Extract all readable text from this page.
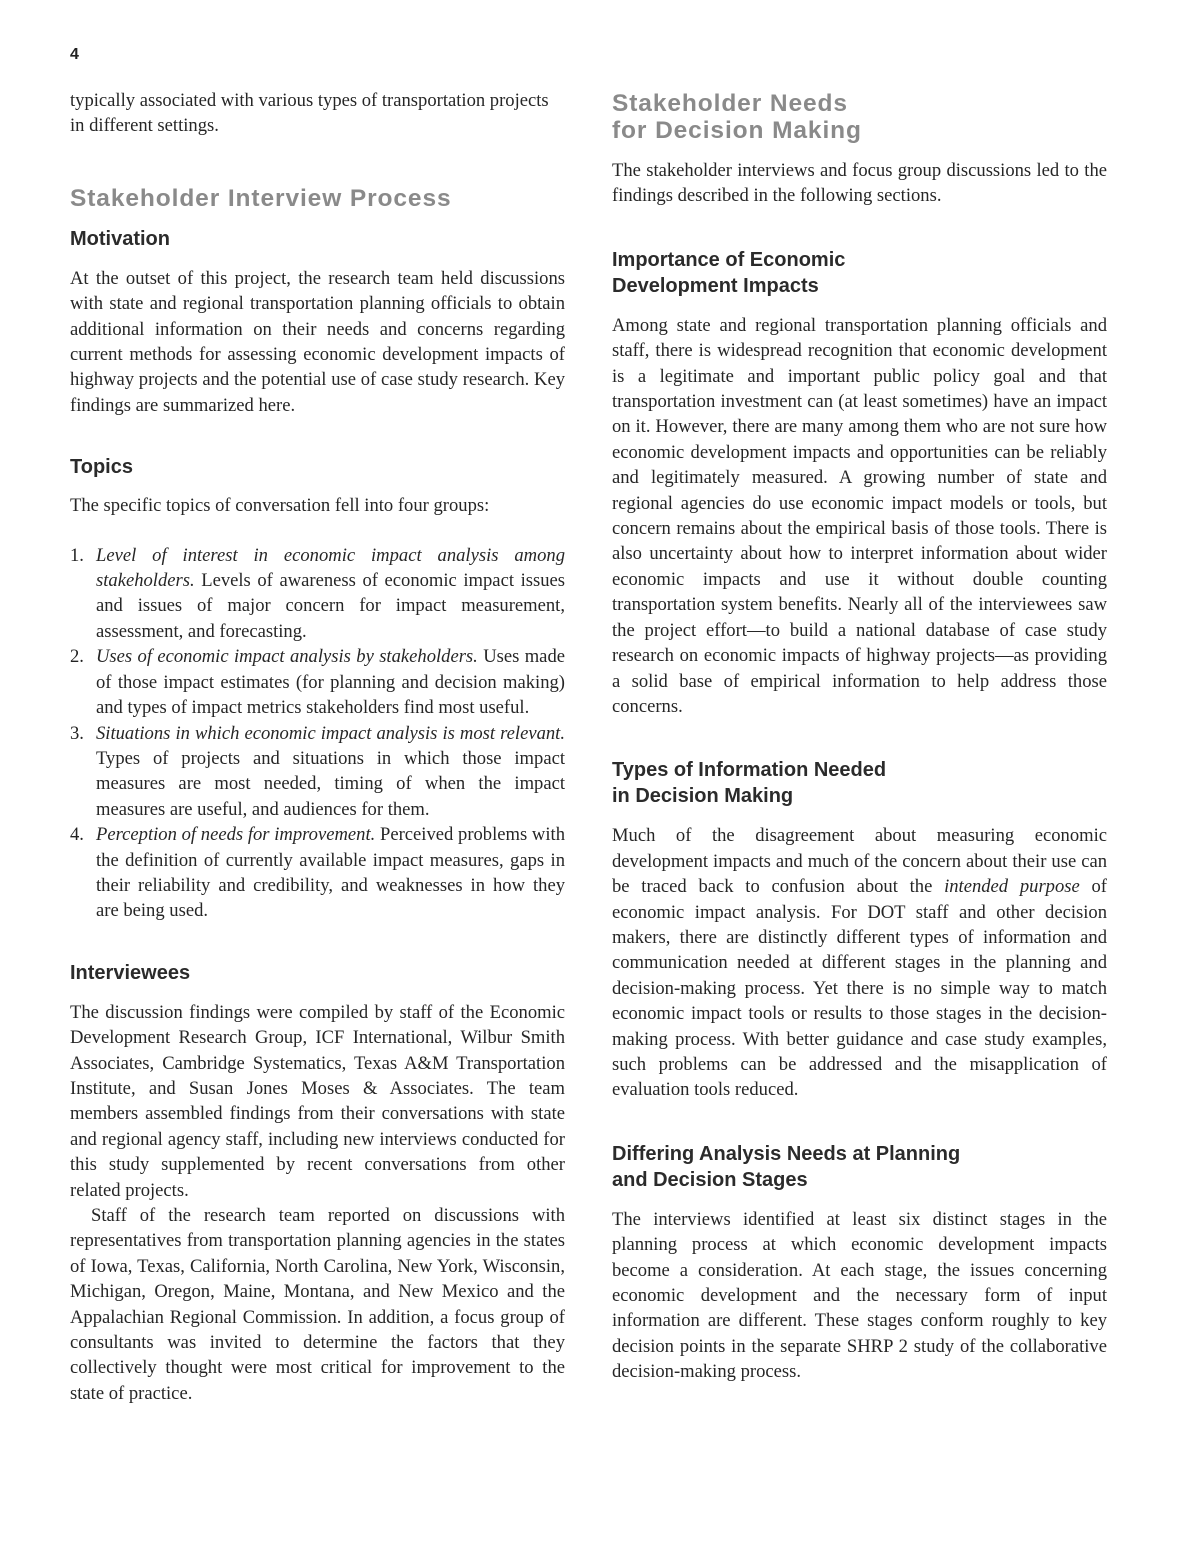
4

typically associated with various types of transportation projects in different settings.

Stakeholder Interview Process
Motivation

At the outset of this project, the research team held discussions with state and regional transportation planning officials to obtain additional information on their needs and concerns regarding current methods for assessing economic development impacts of highway projects and the potential use of case study research. Key findings are summarized here.

Topics

The specific topics of conversation fell into four groups:

1. Level of interest in economic impact analysis among stakeholders. Levels of awareness of economic impact issues and issues of major concern for impact measurement, assessment, and forecasting.
2. Uses of economic impact analysis by stakeholders. Uses made of those impact estimates (for planning and decision making) and types of impact metrics stakeholders find most useful.
3. Situations in which economic impact analysis is most relevant. Types of projects and situations in which those impact measures are most needed, timing of when the impact measures are useful, and audiences for them.
4. Perception of needs for improvement. Perceived problems with the definition of currently available impact measures, gaps in their reliability and credibility, and weaknesses in how they are being used.
Interviewees

The discussion findings were compiled by staff of the Economic Development Research Group, ICF International, Wilbur Smith Associates, Cambridge Systematics, Texas A&M Transportation Institute, and Susan Jones Moses & Associates. The team members assembled findings from their conversations with state and regional agency staff, including new interviews conducted for this study supplemented by recent conversations from other related projects.

Staff of the research team reported on discussions with representatives from transportation planning agencies in the states of Iowa, Texas, California, North Carolina, New York, Wisconsin, Michigan, Oregon, Maine, Montana, and New Mexico and the Appalachian Regional Commission. In addition, a focus group of consultants was invited to determine the factors that they collectively thought were most critical for improvement to the state of practice.

Stakeholder Needs
for Decision Making

The stakeholder interviews and focus group discussions led to the findings described in the following sections.

Importance of Economic
Development Impacts

Among state and regional transportation planning officials and staff, there is widespread recognition that economic development is a legitimate and important public policy goal and that transportation investment can (at least sometimes) have an impact on it. However, there are many among them who are not sure how economic development impacts and opportunities can be reliably and legitimately measured. A growing number of state and regional agencies do use economic impact models or tools, but concern remains about the empirical basis of those tools. There is also uncertainty about how to interpret information about wider economic impacts and use it without double counting transportation system benefits. Nearly all of the interviewees saw the project effort—to build a national database of case study research on economic impacts of highway projects—as providing a solid base of empirical information to help address those concerns.

Types of Information Needed
in Decision Making

Much of the disagreement about measuring economic development impacts and much of the concern about their use can be traced back to confusion about the intended purpose of economic impact analysis. For DOT staff and other decision makers, there are distinctly different types of information and communication needed at different stages in the planning and decision-making process. Yet there is no simple way to match economic impact tools or results to those stages in the decision-making process. With better guidance and case study examples, such problems can be addressed and the misapplication of evaluation tools reduced.

Differing Analysis Needs at Planning
and Decision Stages

The interviews identified at least six distinct stages in the planning process at which economic development impacts become a consideration. At each stage, the issues concerning economic development and the necessary form of input information are different. These stages conform roughly to key decision points in the separate SHRP 2 study of the collaborative decision-making process.
